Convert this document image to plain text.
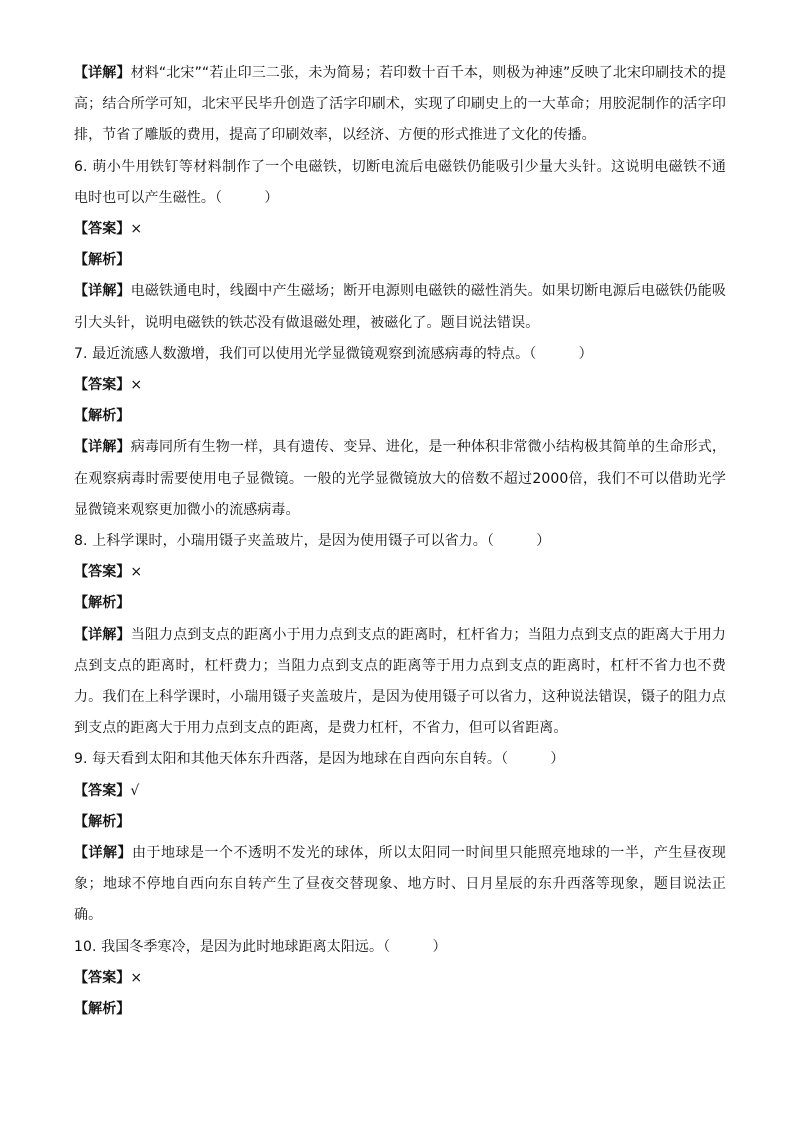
【详解】材料“北宋”“若止印三二张，未为简易；若印数十百千本，则极为神速”反映了北宋印刷技术的提高；结合所学可知，北宋平民毕升创造了活字印刷术，实现了印刷史上的一大革命；用胶泥制作的活字印排，节省了雕版的费用，提高了印刷效率，以经济、方便的形式推进了文化的传播。

6. 萌小牛用铁钉等材料制作了一个电磁铁，切断电流后电磁铁仍能吸引少量大头针。这说明电磁铁不通电时也可以产生磁性。（　　　）

【答案】×

【解析】

【详解】电磁铁通电时，线圈中产生磁场；断开电源则电磁铁的磁性消失。如果切断电源后电磁铁仍能吸引大头针，说明电磁铁的铁芯没有做退磁处理，被磁化了。题目说法错误。

7. 最近流感人数激增，我们可以使用光学显微镜观察到流感病毒的特点。（　　　）

【答案】×

【解析】

【详解】病毒同所有生物一样，具有遗传、变异、进化，是一种体积非常微小结构极其简单的生命形式，在观察病毒时需要使用电子显微镜。一般的光学显微镜放大的倍数不超过2000倍，我们不可以借助光学显微镜来观察更加微小的流感病毒。

8. 上科学课时，小瑞用镊子夹盖玻片，是因为使用镊子可以省力。（　　　）

【答案】×

【解析】

【详解】当阻力点到支点的距离小于用力点到支点的距离时，杠杆省力；当阻力点到支点的距离大于用力点到支点的距离时，杠杆费力；当阻力点到支点的距离等于用力点到支点的距离时，杠杆不省力也不费力。我们在上科学课时，小瑞用镊子夹盖玻片，是因为使用镊子可以省力，这种说法错误，镊子的阻力点到支点的距离大于用力点到支点的距离，是费力杠杆，不省力，但可以省距离。

9. 每天看到太阳和其他天体东升西落，是因为地球在自西向东自转。（　　　）

【答案】√

【解析】

【详解】由于地球是一个不透明不发光的球体，所以太阳同一时间里只能照亮地球的一半，产生昼夜现象；地球不停地自西向东自转产生了昼夜交替现象、地方时、日月星辰的东升西落等现象，题目说法正确。

10. 我国冬季寒冷，是因为此时地球距离太阳远。（　　　）

【答案】×

【解析】
